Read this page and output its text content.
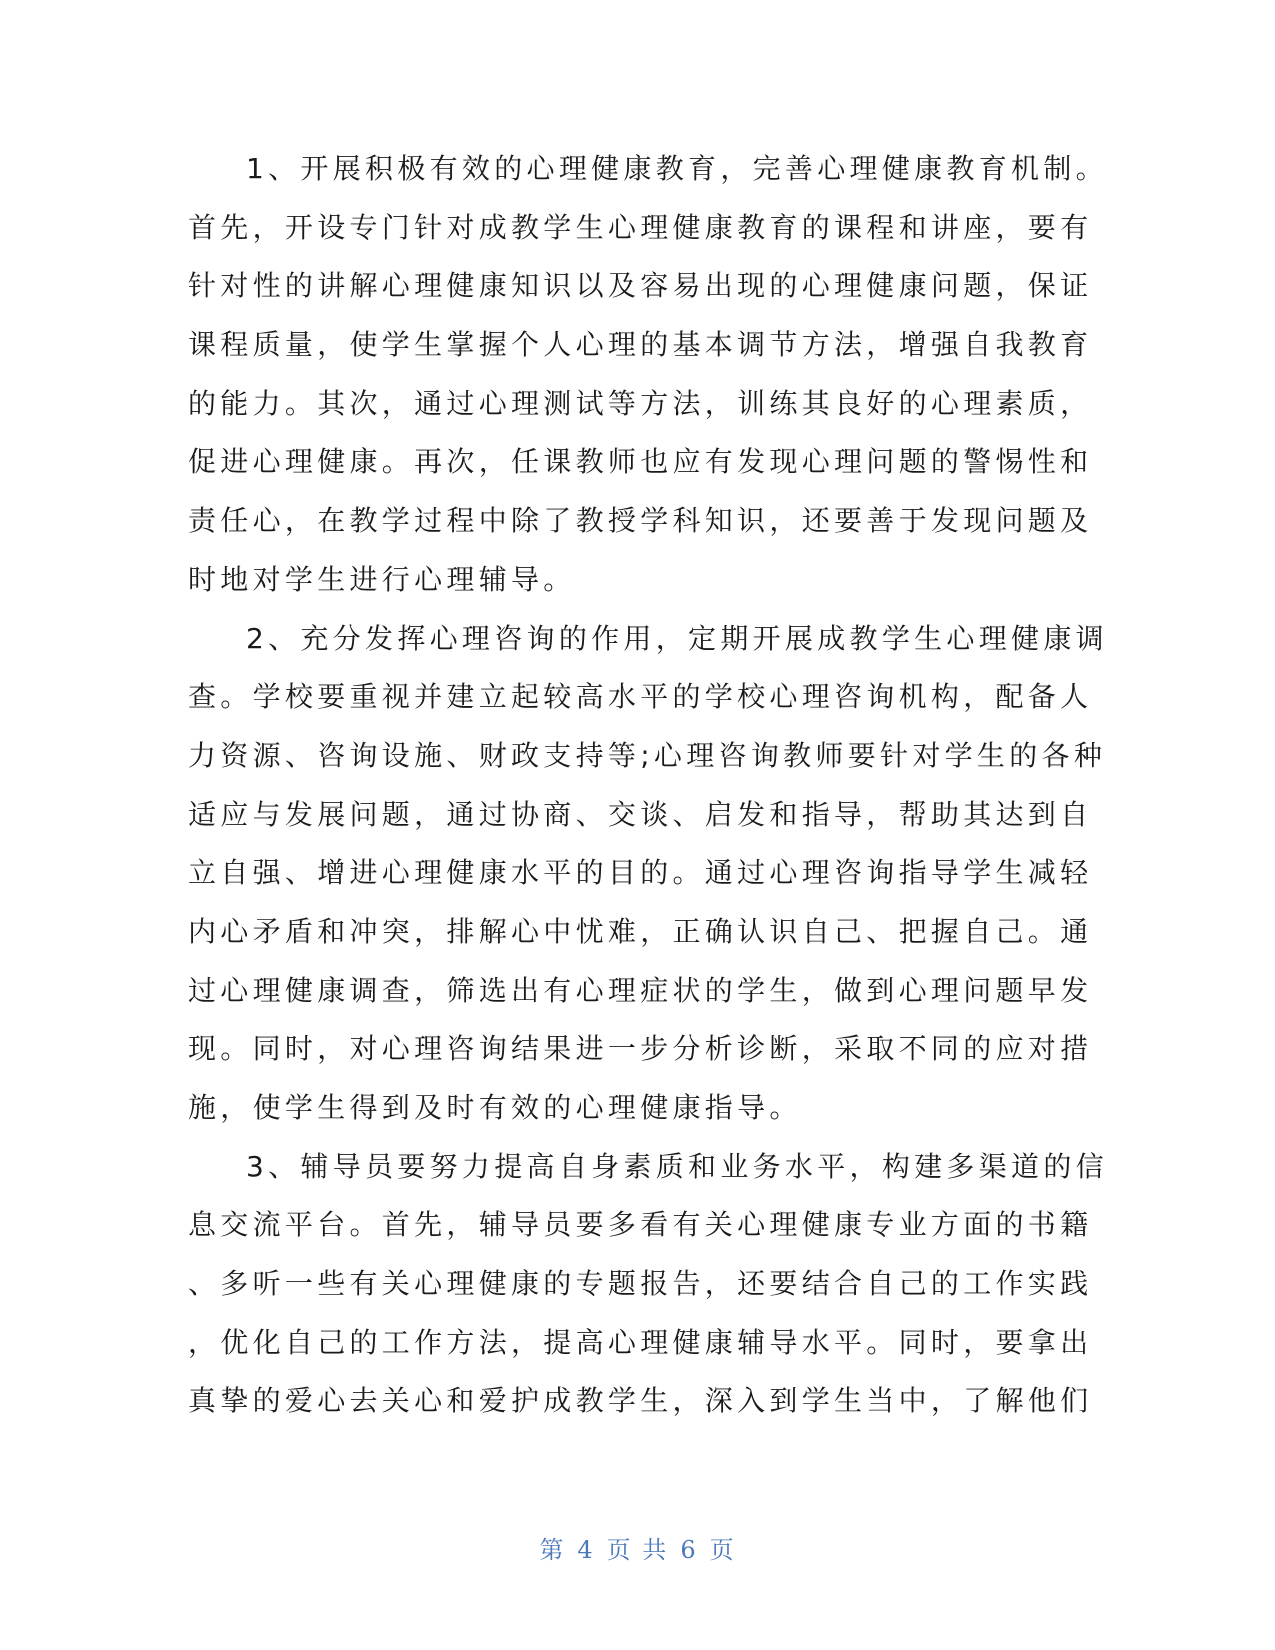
1、开展积极有效的心理健康教育，完善心理健康教育机制。
首先，开设专门针对成教学生心理健康教育的课程和讲座，要有
针对性的讲解心理健康知识以及容易出现的心理健康问题，保证
课程质量，使学生掌握个人心理的基本调节方法，增强自我教育
的能力。其次，通过心理测试等方法，训练其良好的心理素质，
促进心理健康。再次，任课教师也应有发现心理问题的警惕性和
责任心，在教学过程中除了教授学科知识，还要善于发现问题及
时地对学生进行心理辅导。
2、充分发挥心理咨询的作用，定期开展成教学生心理健康调
查。学校要重视并建立起较高水平的学校心理咨询机构，配备人
力资源、咨询设施、财政支持等;心理咨询教师要针对学生的各种
适应与发展问题，通过协商、交谈、启发和指导，帮助其达到自
立自强、增进心理健康水平的目的。通过心理咨询指导学生减轻
内心矛盾和冲突，排解心中忧难，正确认识自己、把握自己。通
过心理健康调查，筛选出有心理症状的学生，做到心理问题早发
现。同时，对心理咨询结果进一步分析诊断，采取不同的应对措
施，使学生得到及时有效的心理健康指导。
3、辅导员要努力提高自身素质和业务水平，构建多渠道的信
息交流平台。首先，辅导员要多看有关心理健康专业方面的书籍
、多听一些有关心理健康的专题报告，还要结合自己的工作实践
，优化自己的工作方法，提高心理健康辅导水平。同时，要拿出
真挚的爱心去关心和爱护成教学生，深入到学生当中，了解他们
第 4 页 共 6 页
